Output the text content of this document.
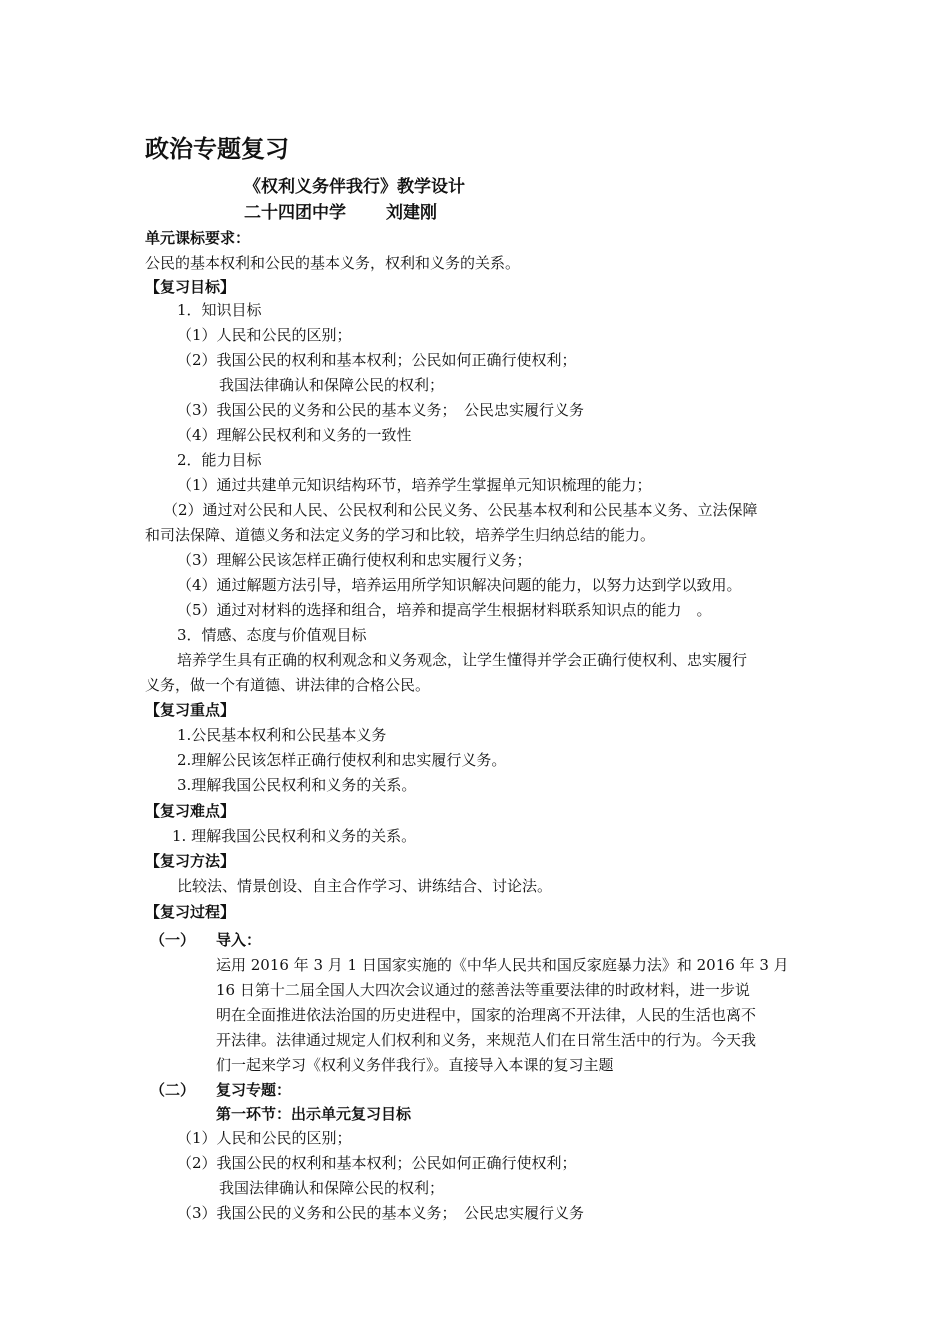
政治专题复习
《权利义务伴我行》教学设计
二十四团中学 刘建刚
单元课标要求：
公民的基本权利和公民的基本义务，权利和义务的关系。
【复习目标】
1．知识目标
（1）人民和公民的区别；
（2）我国公民的权利和基本权利；公民如何正确行使权利；
我国法律确认和保障公民的权利；
（3）我国公民的义务和公民的基本义务；　公民忠实履行义务
（4）理解公民权利和义务的一致性
2．能力目标
（1）通过共建单元知识结构环节，培养学生掌握单元知识梳理的能力；
（2）通过对公民和人民、公民权利和公民义务、公民基本权利和公民基本义务、立法保障
和司法保障、道德义务和法定义务的学习和比较，培养学生归纳总结的能力。
（3）理解公民该怎样正确行使权利和忠实履行义务；
（4）通过解题方法引导，培养运用所学知识解决问题的能力，以努力达到学以致用。
（5）通过对材料的选择和组合，培养和提高学生根据材料联系知识点的能力　。
3．情感、态度与价值观目标
培养学生具有正确的权利观念和义务观念，让学生懂得并学会正确行使权利、忠实履行
义务，做一个有道德、讲法律的合格公民。
【复习重点】
1.公民基本权利和公民基本义务
2.理解公民该怎样正确行使权利和忠实履行义务。
3.理解我国公民权利和义务的关系。
【复习难点】
1. 理解我国公民权利和义务的关系。
【复习方法】
比较法、情景创设、自主合作学习、讲练结合、讨论法。
【复习过程】
（一） 导入：
运用 2016 年 3 月 1 日国家实施的《中华人民共和国反家庭暴力法》和 2016 年 3 月
16 日第十二届全国人大四次会议通过的慈善法等重要法律的时政材料，进一步说
明在全面推进依法治国的历史进程中，国家的治理离不开法律，人民的生活也离不
开法律。法律通过规定人们权利和义务，来规范人们在日常生活中的行为。今天我
们一起来学习《权利义务伴我行》。直接导入本课的复习主题
（二） 复习专题：
第一环节：出示单元复习目标
（1）人民和公民的区别；
（2）我国公民的权利和基本权利；公民如何正确行使权利；
我国法律确认和保障公民的权利；
（3）我国公民的义务和公民的基本义务；　公民忠实履行义务
